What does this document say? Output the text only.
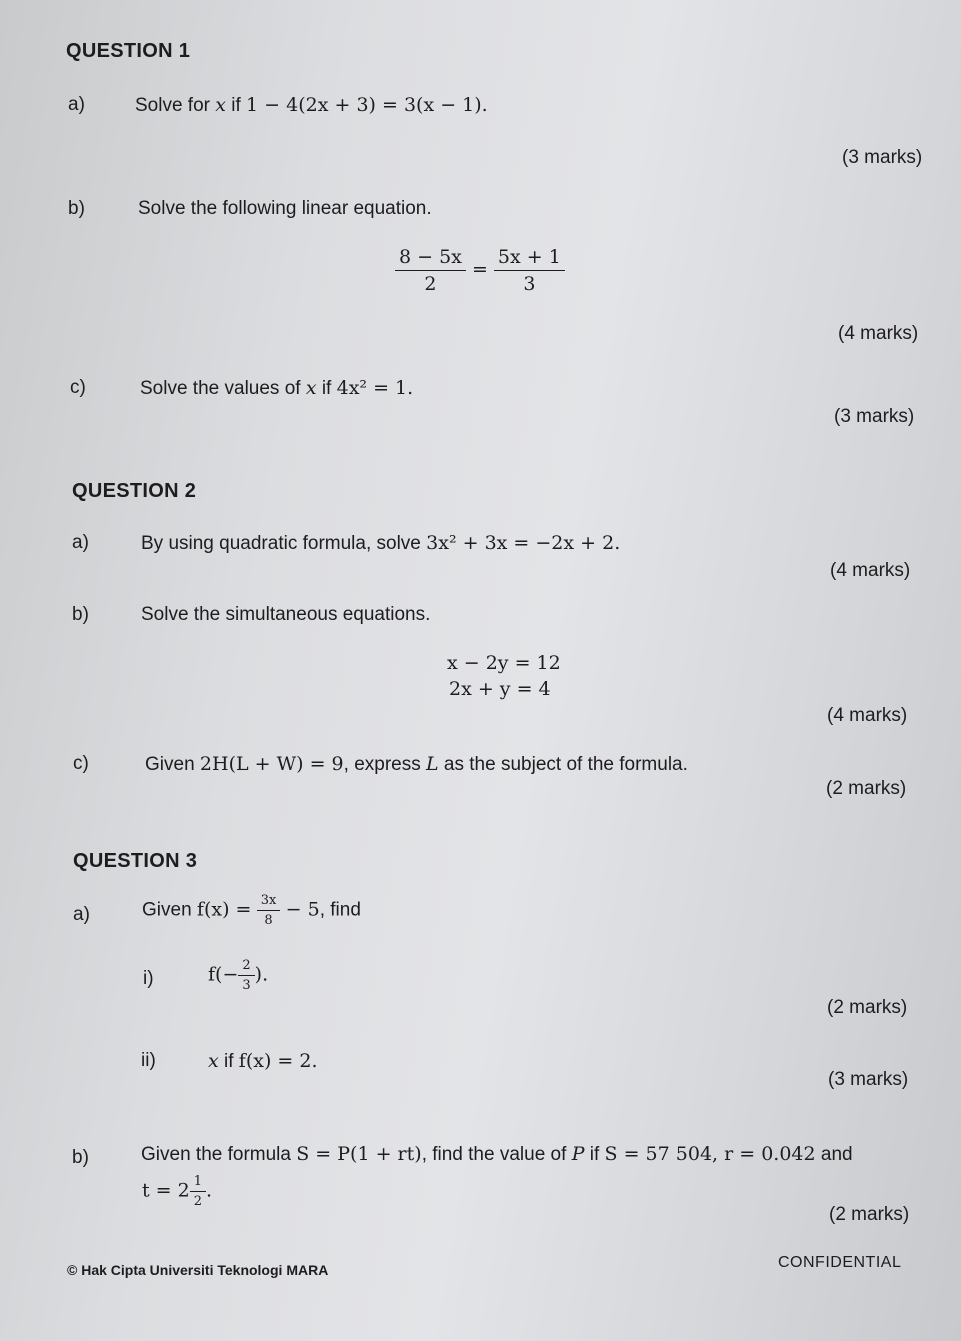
QUESTION 1
a)	Solve for x if 1 − 4(2x + 3) = 3(x − 1).
(3 marks)
b)	Solve the following linear equation.
$\frac{8 - 5x}{2} = \frac{5x + 1}{3}$
(4 marks)
c)	Solve the values of x if 4x² = 1.
(3 marks)
QUESTION 2
a)	By using quadratic formula, solve 3x² + 3x = −2x + 2.
(4 marks)
b)	Solve the simultaneous equations.
x − 2y = 12
2x + y = 4
(4 marks)
c)	Given 2H(L + W) = 9, express L as the subject of the formula.
(2 marks)
QUESTION 3
a)	Given $f(x) = \frac{3x}{8} - 5$, find
i)	$f(- \frac{2}{3}$ ).
(2 marks)
ii)	x if f(x) = 2.
(3 marks)
b)	Given the formula S = P(1 + rt), find the value of P if S = 57 504, r = 0.042 and
$t = 2 \frac{1}{2}$ .
(2 marks)
© Hak Cipta Universiti Teknologi MARA	CONFIDENTIAL
